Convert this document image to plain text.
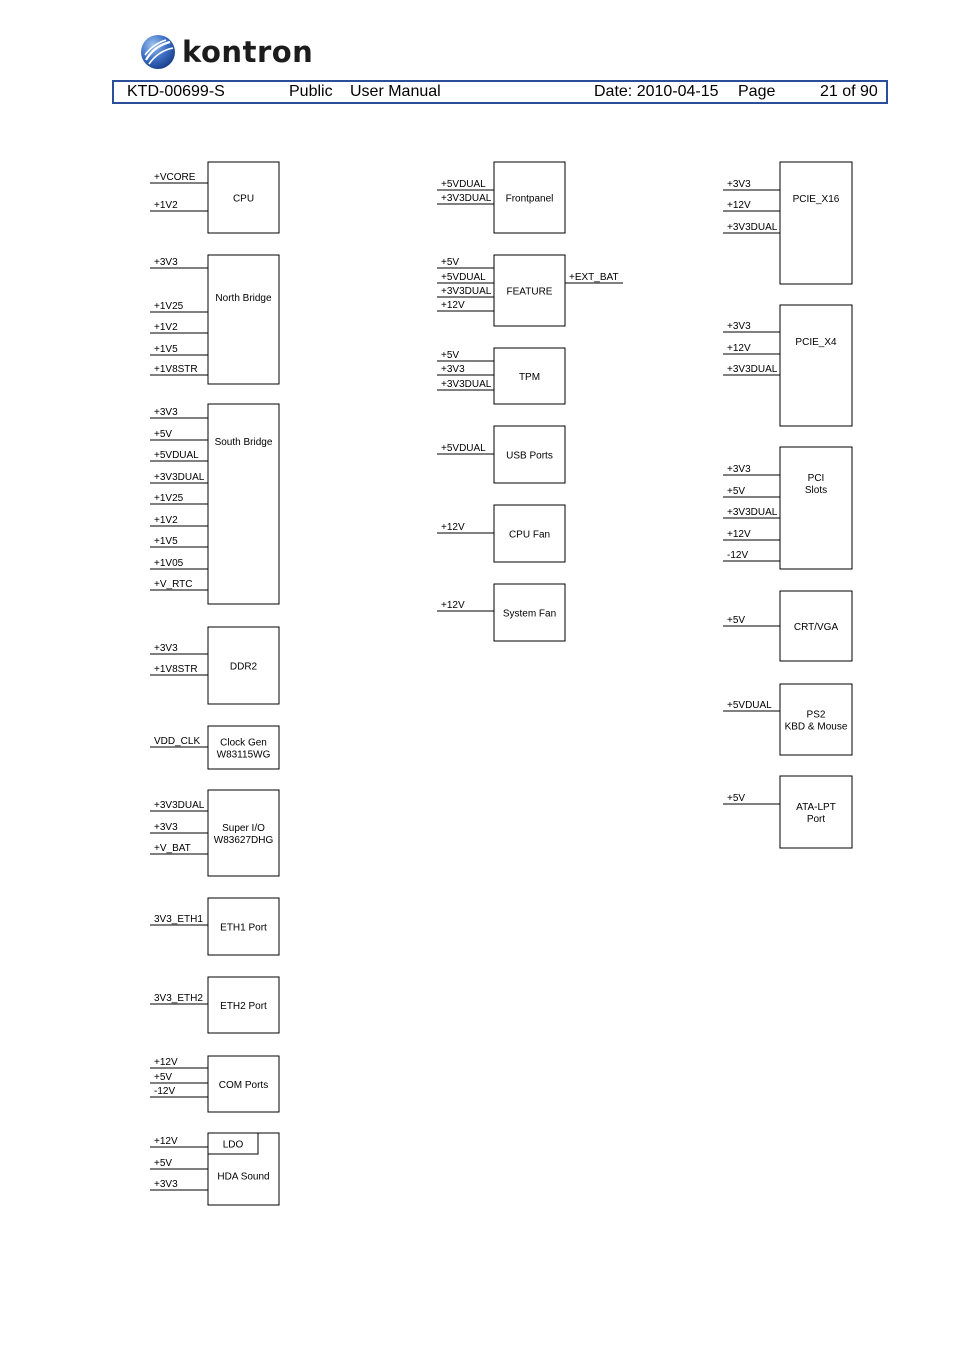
kontron
KTD-00699-S	Public User Manual	Date: 2010-04-15 Page	21 of 90
+VCORE
+1V2
CPU
+3V3
+1V25
+1V2
+1V5
+1V8STR
North Bridge
+3V3
+5V
+5VDUAL
+3V3DUAL
+1V25
+1V2
+1V5
+1V05
+V_RTC
South Bridge
+3V3
+1V8STR	DDR2
VDD_CLK Clock Gen
W83115WG
+3V3DUAL
+3V3
+V_BAT
Super I/O
W83627DHG
3V3_ETH1
ETH1 Port
3V3_ETH2
ETH2 Port
+12V
+5V
-12V
COM Ports
+12V
+5V
+3V3
LDO
HDA Sound
+5VDUAL
+3V3DUAL Frontpanel
+5V
+5VDUAL
+3V3DUAL
+12V
FEATURE
+EXT_BAT
+5V
+3V3
+3V3DUAL
TPM
+5VDUAL
USB Ports
+12V
CPU Fan
+12V
System Fan
+3V3
+12V
+3V3DUAL
PCIE_X16
+3V3
+12V
+3V3DUAL
PCIE_X4
+3V3
+5V
+3V3DUAL
+12V
-12V
PCI
Slots
+5V
CRT/VGA
+5VDUAL
PS2
KBD & Mouse
+5V
ATA-LPT
Port
